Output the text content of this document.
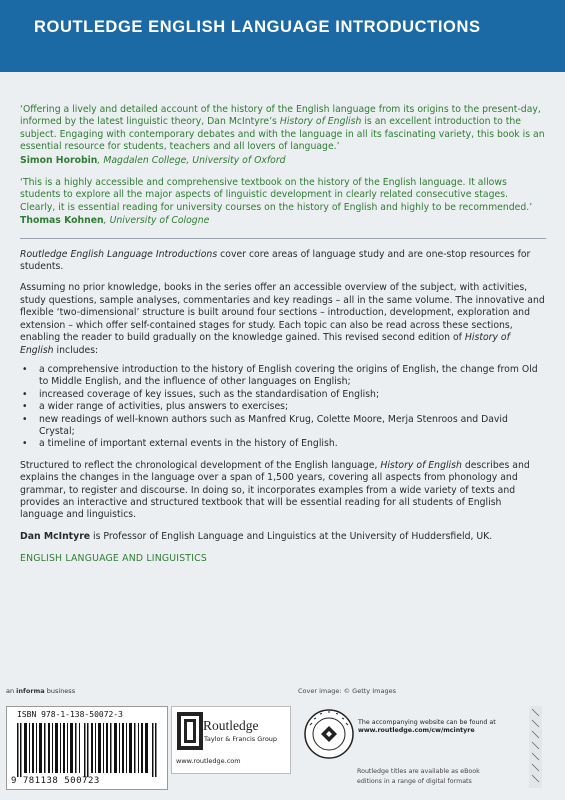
ROUTLEDGE ENGLISH LANGUAGE INTRODUCTIONS

‘Offering a lively and detailed account of the history of the English language from its origins to the present-day, informed by the latest linguistic theory, Dan McIntyre’s History of English is an excellent introduction to the subject. Engaging with contemporary debates and with the language in all its fascinating variety, this book is an essential resource for students, teachers and all lovers of language.’

Simon Horobin, Magdalen College, University of Oxford

‘This is a highly accessible and comprehensive textbook on the history of the English language. It allows students to explore all the major aspects of linguistic development in clearly related consecutive stages. Clearly, it is essential reading for university courses on the history of English and highly to be recommended.’

Thomas Kohnen, University of Cologne

Routledge English Language Introductions cover core areas of language study and are one-stop resources for students.

Assuming no prior knowledge, books in the series offer an accessible overview of the subject, with activities, study questions, sample analyses, commentaries and key readings – all in the same volume. The innovative and flexible ‘two-dimensional’ structure is built around four sections – introduction, development, exploration and extension – which offer self-contained stages for study. Each topic can also be read across these sections, enabling the reader to build gradually on the knowledge gained. This revised second edition of History of English includes:

• a comprehensive introduction to the history of English covering the origins of English, the change from Old to Middle English, and the influence of other languages on English;
• increased coverage of key issues, such as the standardisation of English;
• a wider range of activities, plus answers to exercises;
• new readings of well-known authors such as Manfred Krug, Colette Moore, Merja Stenroos and David Crystal;
• a timeline of important external events in the history of English.

Structured to reflect the chronological development of the English language, History of English describes and explains the changes in the language over a span of 1,500 years, covering all aspects from phonology and grammar, to register and discourse. In doing so, it incorporates examples from a wide variety of texts and provides an interactive and structured textbook that will be essential reading for all students of English language and linguistics.

Dan McIntyre is Professor of English Language and Linguistics at the University of Huddersfield, UK.

ENGLISH LANGUAGE AND LINGUISTICS
an informa business	Cover image: © Getty Images
ISBN 978-1-138-50072-3
9 781138 500723
Routledge
Taylor & Francis Group
www.routledge.com
The accompanying website can be found at
www.routledge.com/cw/mcintyre
Routledge titles are available as eBook
editions in a range of digital formats
